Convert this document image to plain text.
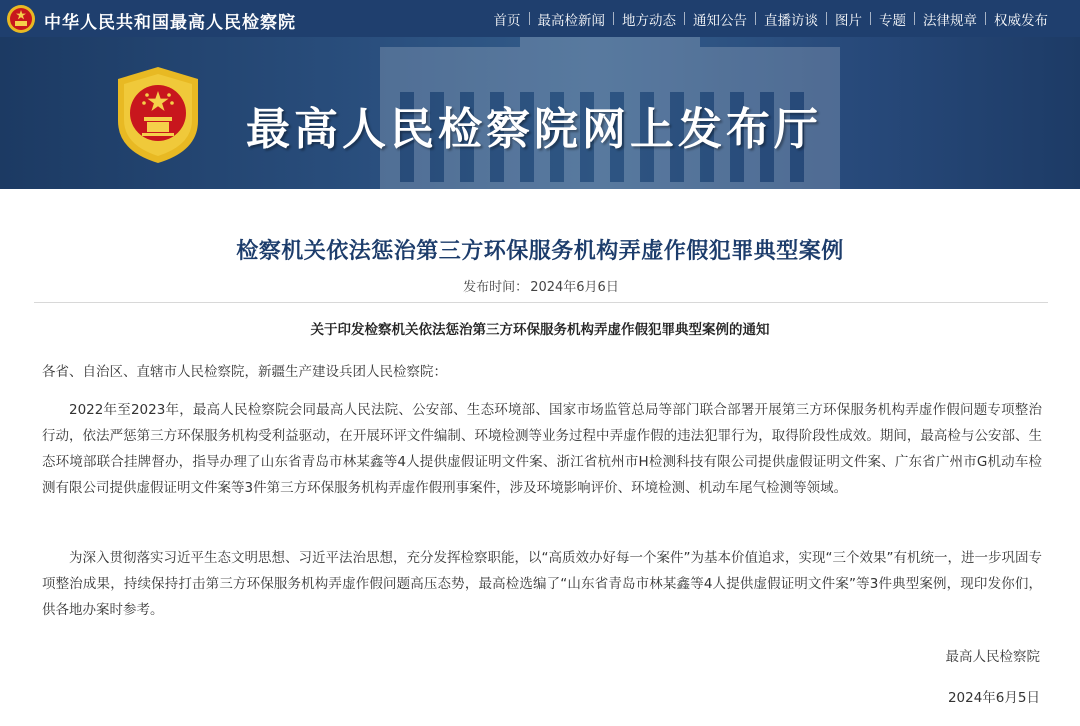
中华人民共和国最高人民检察院	首页	最高检新闻	地方动态	通知公告	直播访谈	图片	专题	法律规章	权威发布
最高人民检察院网上发布厅
检察机关依法惩治第三方环保服务机构弄虚作假犯罪典型案例
发布时间： 2024年6月6日
关于印发检察机关依法惩治第三方环保服务机构弄虚作假犯罪典型案例的通知
各省、自治区、直辖市人民检察院，新疆生产建设兵团人民检察院：

2022年至2023年，最高人民检察院会同最高人民法院、公安部、生态环境部、国家市场监管总局等部门联合部署开展第三方环保服务机构弄虚作假问题专项整治行动，依法严惩第三方环保服务机构受利益驱动，在开展环评文件编制、环境检测等业务过程中弄虚作假的违法犯罪行为，取得阶段性成效。期间，最高检与公安部、生态环境部联合挂牌督办，指导办理了山东省青岛市林某鑫等4人提供虚假证明文件案、浙江省杭州市H检测科技有限公司提供虚假证明文件案、广东省广州市G机动车检测有限公司提供虚假证明文件案等3件第三方环保服务机构弄虚作假刑事案件，涉及环境影响评价、环境检测、机动车尾气检测等领域。

为深入贯彻落实习近平生态文明思想、习近平法治思想，充分发挥检察职能，以“高质效办好每一个案件”为基本价值追求，实现“三个效果”有机统一，进一步巩固专项整治成果，持续保持打击第三方环保服务机构弄虚作假问题高压态势，最高检选编了“山东省青岛市林某鑫等4人提供虚假证明文件案”等3件典型案例，现印发你们，供各地办案时参考。

最高人民检察院
2024年6月5日
